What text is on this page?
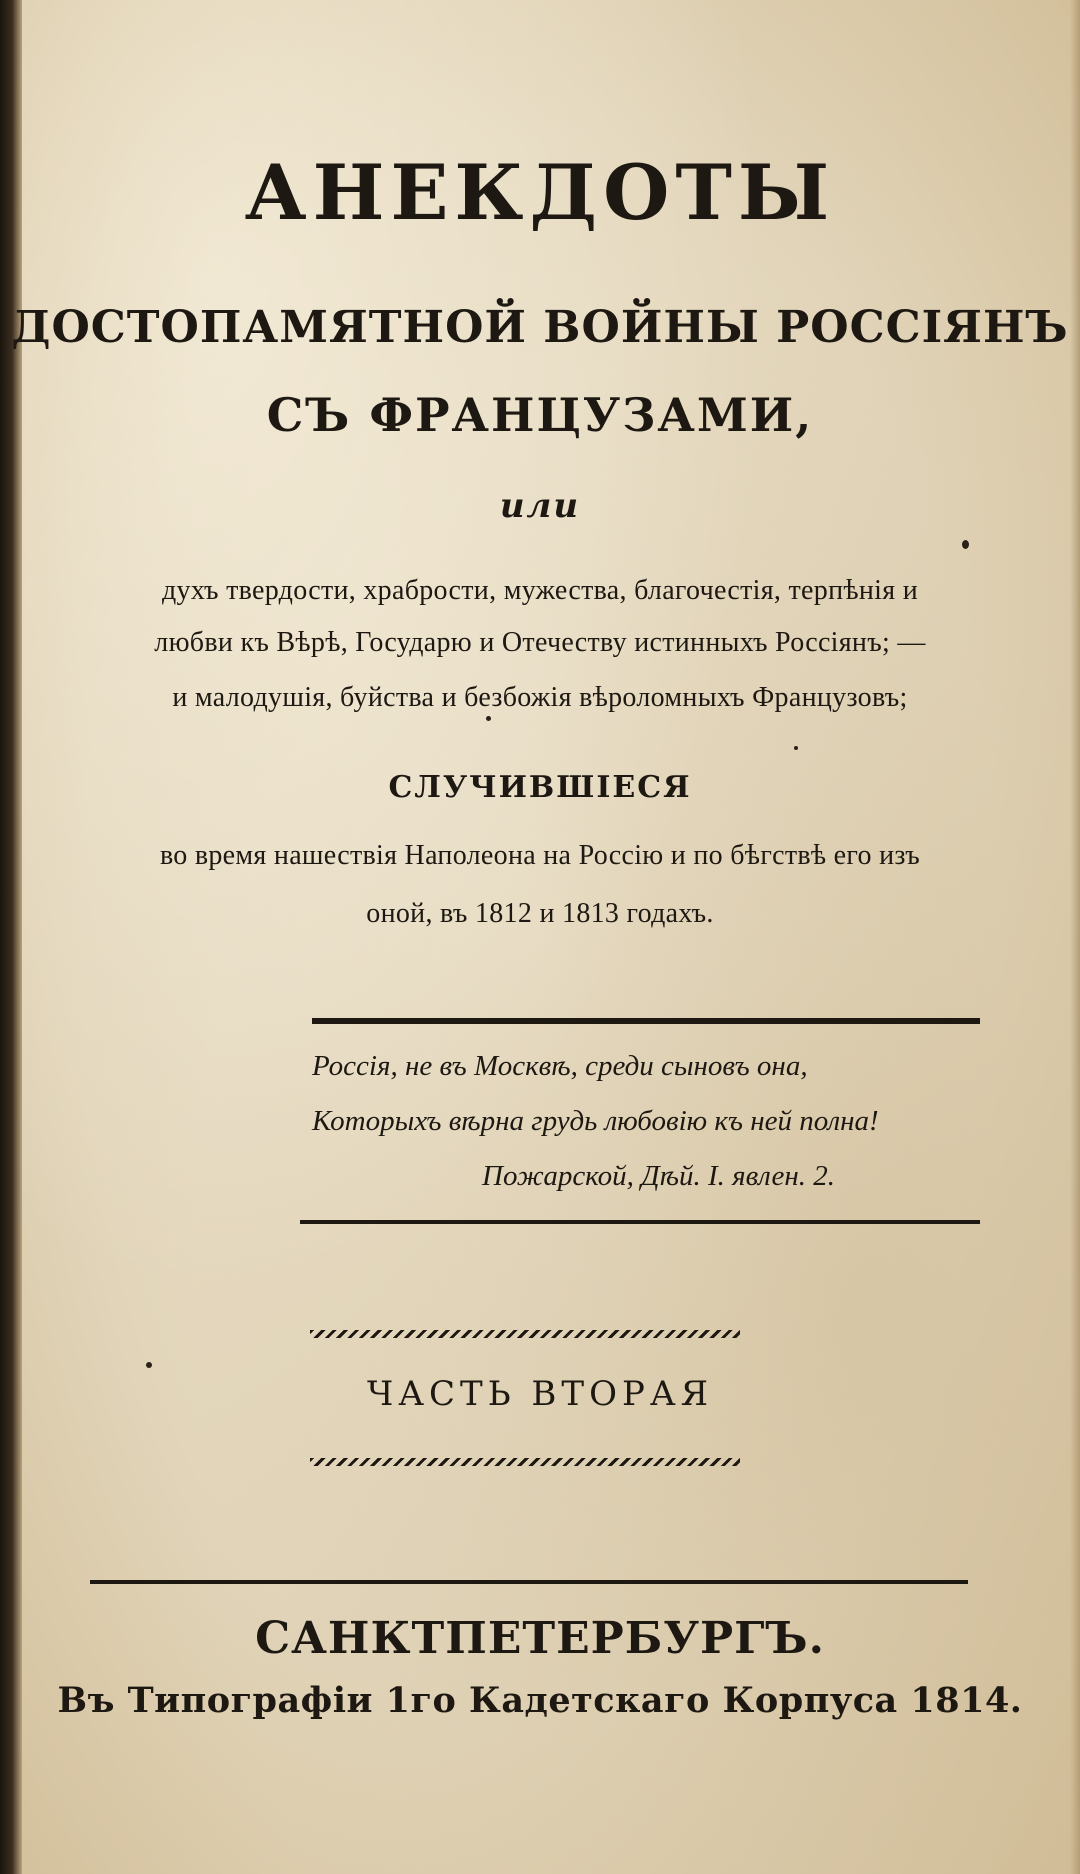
АНЕКДОТЫ
ДОСТОПАМЯТНОЙ ВОЙНЫ РОССІЯНЪ
СЪ ФРАНЦУЗАМИ,
или
духъ твердости, храбрости, мужества, благочестія, терпѣнія и
любви къ Вѣрѣ, Государю и Отечеству истинныхъ Россіянъ; —
и малодушія, буйства и безбожія вѣроломныхъ Французовъ;
СЛУЧИВШІЕСЯ
во время нашествія Наполеона на Россію и по бѣгствѣ его изъ
оной, въ 1812 и 1813 годахъ.
Россія, не въ Москвѣ, среди сыновъ она,
Которыхъ вѣрна грудь любовію къ ней полна!
Пожарской, Дѣй. I. явлен. 2.
ЧАСТЬ ВТОРАЯ
САНКТПЕТЕРБУРГЪ.
Въ Типографіи 1го Кадетскаго Корпуса 1814.
